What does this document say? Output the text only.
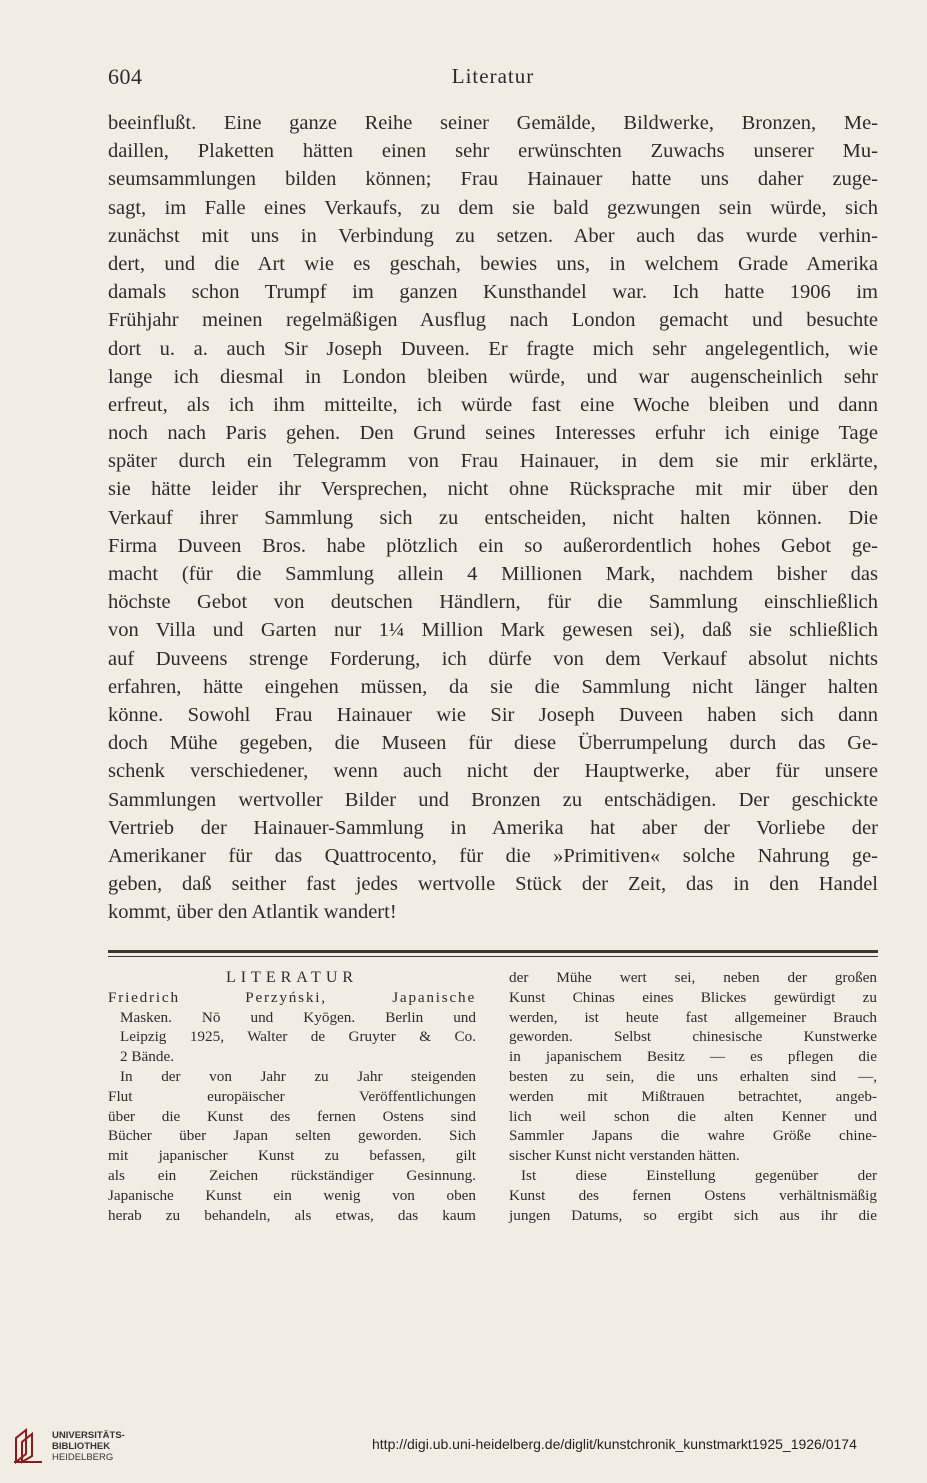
604	Literatur
beeinflußt. Eine ganze Reihe seiner Gemälde, Bildwerke, Bronzen, Me-
daillen, Plaketten hätten einen sehr erwünschten Zuwachs unserer Mu-
seumsammlungen bilden können; Frau Hainauer hatte uns daher zuge-
sagt, im Falle eines Verkaufs, zu dem sie bald gezwungen sein würde, sich
zunächst mit uns in Verbindung zu setzen. Aber auch das wurde verhin-
dert, und die Art wie es geschah, bewies uns, in welchem Grade Amerika
damals schon Trumpf im ganzen Kunsthandel war. Ich hatte 1906 im
Frühjahr meinen regelmäßigen Ausflug nach London gemacht und besuchte
dort u. a. auch Sir Joseph Duveen. Er fragte mich sehr angelegentlich, wie
lange ich diesmal in London bleiben würde, und war augenscheinlich sehr
erfreut, als ich ihm mitteilte, ich würde fast eine Woche bleiben und dann
noch nach Paris gehen. Den Grund seines Interesses erfuhr ich einige Tage
später durch ein Telegramm von Frau Hainauer, in dem sie mir erklärte,
sie hätte leider ihr Versprechen, nicht ohne Rücksprache mit mir über den
Verkauf ihrer Sammlung sich zu entscheiden, nicht halten können. Die
Firma Duveen Bros. habe plötzlich ein so außerordentlich hohes Gebot ge-
macht (für die Sammlung allein 4 Millionen Mark, nachdem bisher das
höchste Gebot von deutschen Händlern, für die Sammlung einschließlich
von Villa und Garten nur 1¼ Million Mark gewesen sei), daß sie schließlich
auf Duveens strenge Forderung, ich dürfe von dem Verkauf absolut nichts
erfahren, hätte eingehen müssen, da sie die Sammlung nicht länger halten
könne. Sowohl Frau Hainauer wie Sir Joseph Duveen haben sich dann
doch Mühe gegeben, die Museen für diese Überrumpelung durch das Ge-
schenk verschiedener, wenn auch nicht der Hauptwerke, aber für unsere
Sammlungen wertvoller Bilder und Bronzen zu entschädigen. Der geschickte
Vertrieb der Hainauer-Sammlung in Amerika hat aber der Vorliebe der
Amerikaner für das Quattrocento, für die »Primitiven« solche Nahrung ge-
geben, daß seither fast jedes wertvolle Stück der Zeit, das in den Handel
kommt, über den Atlantik wandert!
LITERATUR
Friedrich Perzyński, Japanische
Masken. Nō und Kyōgen. Berlin und
Leipzig 1925, Walter de Gruyter & Co.
2 Bände.
In der von Jahr zu Jahr steigenden
Flut europäischer Veröffentlichungen
über die Kunst des fernen Ostens sind
Bücher über Japan selten geworden. Sich
mit japanischer Kunst zu befassen, gilt
als ein Zeichen rückständiger Gesinnung.
Japanische Kunst ein wenig von oben
herab zu behandeln, als etwas, das kaum
der Mühe wert sei, neben der großen
Kunst Chinas eines Blickes gewürdigt zu
werden, ist heute fast allgemeiner Brauch
geworden. Selbst chinesische Kunstwerke
in japanischem Besitz — es pflegen die
besten zu sein, die uns erhalten sind —,
werden mit Mißtrauen betrachtet, angeb-
lich weil schon die alten Kenner und
Sammler Japans die wahre Größe chine-
sischer Kunst nicht verstanden hätten.
Ist diese Einstellung gegenüber der
Kunst des fernen Ostens verhältnismäßig
jungen Datums, so ergibt sich aus ihr die
UNIVERSITÄTS-
BIBLIOTHEK
HEIDELBERG
http://digi.ub.uni-heidelberg.de/diglit/kunstchronik_kunstmarkt1925_1926/0174
